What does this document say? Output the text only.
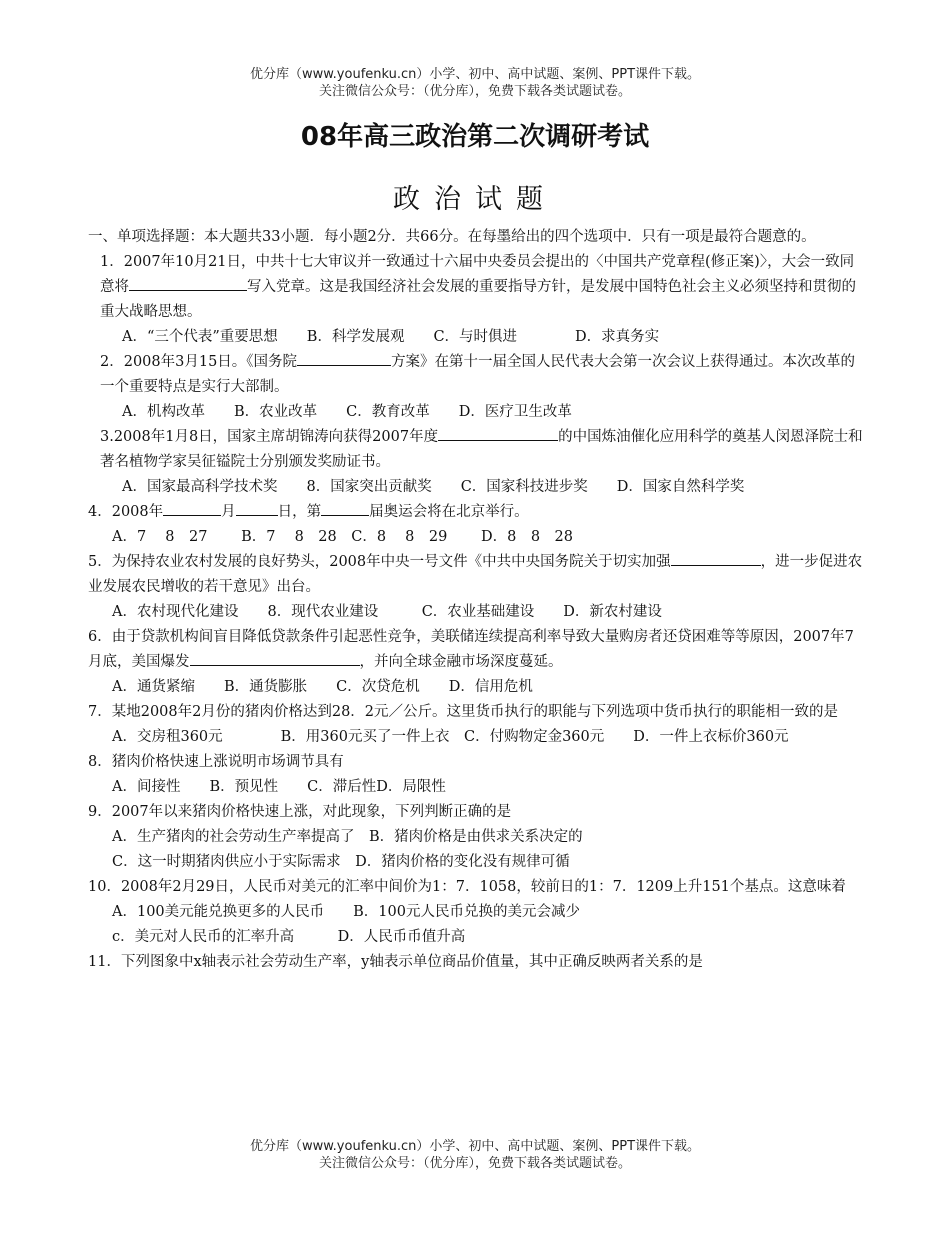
优分库（www.youfenku.cn）小学、初中、高中试题、案例、PPT课件下载。
关注微信公众号：（优分库），免费下载各类试题试卷。
08年高三政治第二次调研考试
政治试题

一、单项选择题：本大题共33小题．每小题2分．共66分。在每墨给出的四个选项中．只有一项是最符合题意的。

1．2007年10月21日，中共十七大审议并一致通过十六届中央委员会提出的〈中国共产党章程(修正案)〉，大会一致同意将	写入党章。这是我国经济社会发展的重要指导方针，是发展中国特色社会主义必须坚持和贯彻的重大战略思想。

A．“三个代表”重要思想　　B．科学发展观　　C．与时俱进　　　　D．求真务实

2．2008年3月15日。《国务院	方案》在第十一届全国人民代表大会第一次会议上获得通过。本次改革的一个重要特点是实行大部制。

A．机构改革　　B．农业改革　　C．教育改革　　D．医疗卫生改革

3.2008年1月8日，国家主席胡锦涛向获得2007年度	的中国炼油催化应用科学的奠基人闵恩泽院士和著名植物学家吴征镒院士分别颁发奖励证书。

A．国家最高科学技术奖　　8．国家突出贡献奖　　C．国家科技进步奖　　D．国家自然科学奖

4．2008年	月	日，第	届奥运会将在北京举行。

A．7　 8　27　　 B．7　 8　28　C．8　 8　29　　 D．8　8　28

5．为保持农业农村发展的良好势头，2008年中央一号文件《中共中央国务院关于切实加强	，进一步促进农业发展农民增收的若干意见》出台。

A．农村现代化建设　　8．现代农业建设　　　C．农业基础建设　　D．新农村建设

6．由于贷款机构间盲目降低贷款条件引起恶性竞争，美联储连续提高利率导致大量购房者还贷困难等等原因，2007年7月底，美国爆发	，并向全球金融市场深度蔓延。

A．通货紧缩　　B．通货膨胀　　C．次贷危机　　D．信用危机

7．某地2008年2月份的猪肉价格达到28．2元／公斤。这里货币执行的职能与下列选项中货币执行的职能相一致的是

A．交房租360元　　　　B．用360元买了一件上衣　C．付购物定金360元　　D．一件上衣标价360元

8．猪肉价格快速上涨说明市场调节具有

A．间接性　　B．预见性　　C．滞后性D．局限性

9．2007年以来猪肉价格快速上涨，对此现象，下列判断正确的是

A．生产猪肉的社会劳动生产率提高了　B．猪肉价格是由供求关系决定的

C．这一时期猪肉供应小于实际需求　D．猪肉价格的变化没有规律可循

10．2008年2月29日，人民币对美元的汇率中间价为1：7．1058，较前日的1：7．1209上升151个基点。这意味着

A．100美元能兑换更多的人民币　　B．100元人民币兑换的美元会减少

c．美元对人民币的汇率升高　　　D．人民币币值升高

11．下列图象中x轴表示社会劳动生产率，y轴表示单位商品价值量，其中正确反映两者关系的是

优分库（www.youfenku.cn）小学、初中、高中试题、案例、PPT课件下载。
关注微信公众号：（优分库），免费下载各类试题试卷。
